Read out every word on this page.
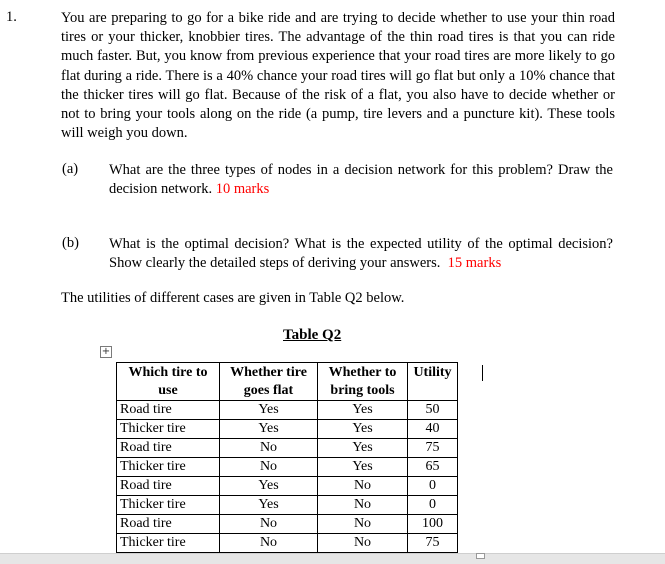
1.	You are preparing to go for a bike ride and are trying to decide whether to use your thin road tires or your thicker, knobbier tires. The advantage of the thin road tires is that you can ride much faster. But, you know from previous experience that your road tires are more likely to go flat during a ride. There is a 40% chance your road tires will go flat but only a 10% chance that the thicker tires will go flat. Because of the risk of a flat, you also have to decide whether or not to bring your tools along on the ride (a pump, tire levers and a puncture kit). These tools will weigh you down.
(a) What are the three types of nodes in a decision network for this problem? Draw the decision network. 10 marks
(b) What is the optimal decision? What is the expected utility of the optimal decision? Show clearly the detailed steps of deriving your answers. 15 marks
The utilities of different cases are given in Table Q2 below.
Table Q2
+
Which tire to use	Whether tire goes flat	Whether to bring tools	Utility
Road tire	Yes	Yes	50
Thicker tire	Yes	Yes	40
Road tire	No	Yes	75
Thicker tire	No	Yes	65
Road tire	Yes	No	0
Thicker tire	Yes	No	0
Road tire	No	No	100
Thicker tire	No	No	75
